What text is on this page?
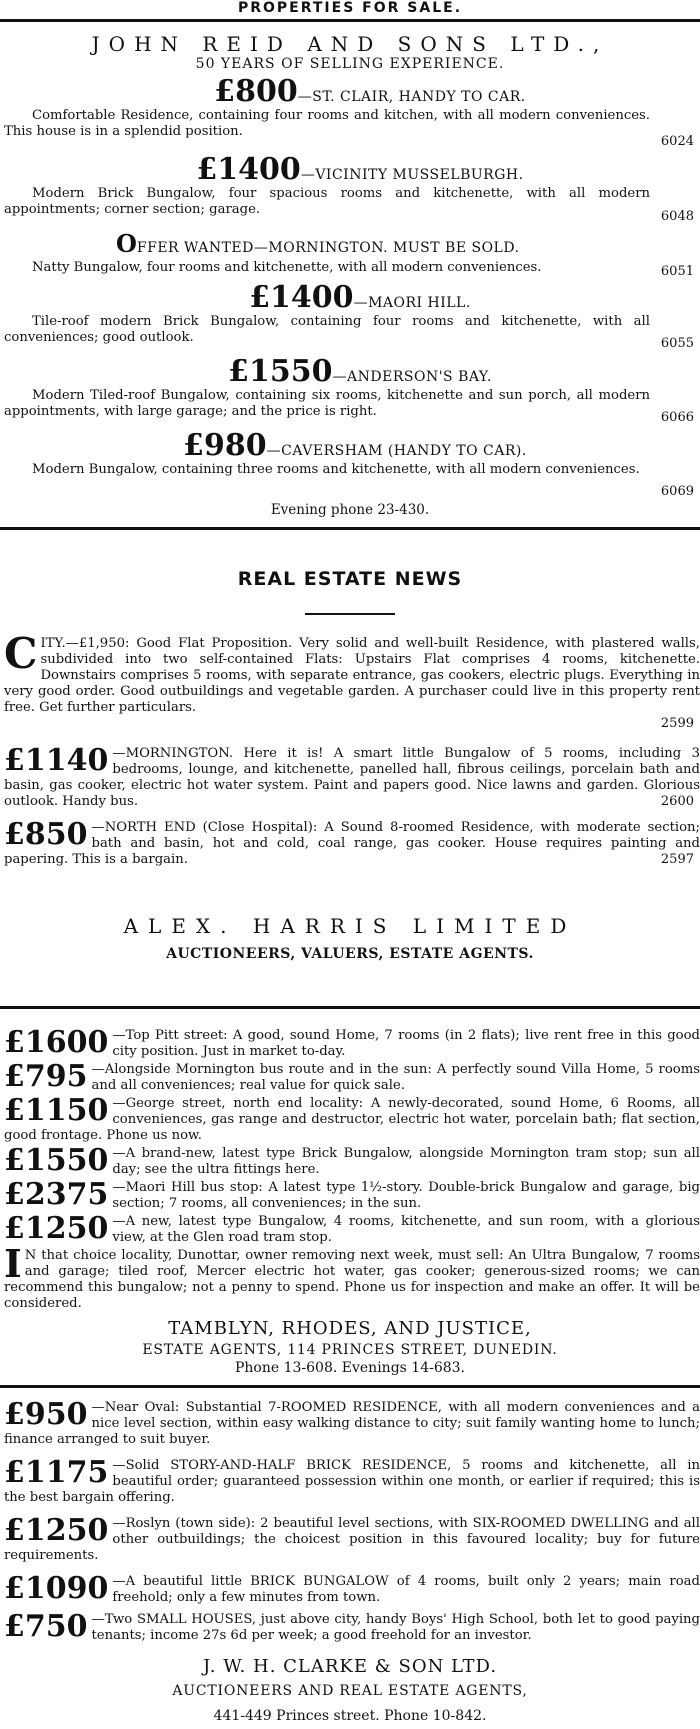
PROPERTIES FOR SALE.
JOHN REID AND SONS LTD.,
50 YEARS OF SELLING EXPERIENCE.
£800—ST. CLAIR, HANDY TO CAR.
Comfortable Residence, containing four rooms and kitchen, with all modern conveniences. This house is in a splendid position.
6024
£1400—VICINITY MUSSELBURGH.
Modern Brick Bungalow, four spacious rooms and kitchenette, with all modern appointments; corner section; garage.	6048
OFFER WANTED—MORNINGTON. MUST BE SOLD.
Natty Bungalow, four rooms and kitchenette, with all modern conveniences.	6051
£1400—MAORI HILL.
Tile-roof modern Brick Bungalow, containing four rooms and kitchenette, with all conveniences; good outlook.	6055
£1550—ANDERSON'S BAY.
Modern Tiled-roof Bungalow, containing six rooms, kitchenette and sun porch, all modern appointments, with large garage; and the price is right.	6066
£980—CAVERSHAM (HANDY TO CAR).
Modern Bungalow, containing three rooms and kitchenette, with all modern conveniences.
6069
Evening phone 23-430.
REAL ESTATE NEWS
CITY.—£1,950: Good Flat Proposition. Very solid and well-built Residence, with plastered walls, subdivided into two self-contained Flats: Upstairs Flat comprises 4 rooms, kitchenette. Downstairs comprises 5 rooms, with separate entrance, gas cookers, electric plugs. Everything in very good order. Good outbuildings and vegetable garden. A purchaser could live in this property rent free. Get further particulars.
2599
£1140 —MORNINGTON. Here it is! A smart little Bungalow of 5 rooms, including 3 bedrooms, lounge, and kitchenette, panelled hall, fibrous ceilings, porcelain bath and basin, gas cooker, electric hot water system. Paint and papers good. Nice lawns and garden. Glorious outlook. Handy bus.	2600
£850 —NORTH END (Close Hospital): A Sound 8-roomed Residence, with moderate section; bath and basin, hot and cold, coal range, gas cooker. House requires painting and papering. This is a bargain.	2597
ALEX. HARRIS LIMITED
AUCTIONEERS, VALUERS, ESTATE AGENTS.
£1600 —Top Pitt street: A good, sound Home, 7 rooms (in 2 flats); live rent free in this good city position. Just in market to-day.
£795 —Alongside Mornington bus route and in the sun: A perfectly sound Villa Home, 5 rooms and all conveniences; real value for quick sale.
£1150 —George street, north end locality: A newly-decorated, sound Home, 6 Rooms, all conveniences, gas range and destructor, electric hot water, porcelain bath; flat section, good frontage. Phone us now.
£1550 —A brand-new, latest type Brick Bungalow, alongside Mornington tram stop; sun all day; see the ultra fittings here.
£2375 —Maori Hill bus stop: A latest type 1½-story. Double-brick Bungalow and garage, big section; 7 rooms, all conveniences; in the sun.
£1250 —A new, latest type Bungalow, 4 rooms, kitchenette, and sun room, with a glorious view, at the Glen road tram stop.
I N that choice locality, Dunottar, owner removing next week, must sell: An Ultra Bungalow, 7 rooms and garage; tiled roof, Mercer electric hot water, gas cooker; generous-sized rooms; we can recommend this bungalow; not a penny to spend. Phone us for inspection and make an offer. It will be considered.
TAMBLYN, RHODES, AND JUSTICE,
ESTATE AGENTS, 114 PRINCES STREET, DUNEDIN.
Phone 13-608. Evenings 14-683.
£950 —Near Oval: Substantial 7-ROOMED RESIDENCE, with all modern conveniences and a nice level section, within easy walking distance to city; suit family wanting home to lunch; finance arranged to suit buyer.
£1175 —Solid STORY-AND-HALF BRICK RESIDENCE, 5 rooms and kitchenette, all in beautiful order; guaranteed possession within one month, or earlier if required; this is the best bargain offering.
£1250 —Roslyn (town side): 2 beautiful level sections, with SIX-ROOMED DWELLING and all other outbuildings; the choicest position in this favoured locality; buy for future requirements.
£1090 —A beautiful little BRICK BUNGALOW of 4 rooms, built only 2 years; main road freehold; only a few minutes from town.
£750 —Two SMALL HOUSES, just above city, handy Boys' High School, both let to good paying tenants; income 27s 6d per week; a good freehold for an investor.
J. W. H. CLARKE & SON LTD.
AUCTIONEERS AND REAL ESTATE AGENTS,
441-449 Princes street. Phone 10-842.
